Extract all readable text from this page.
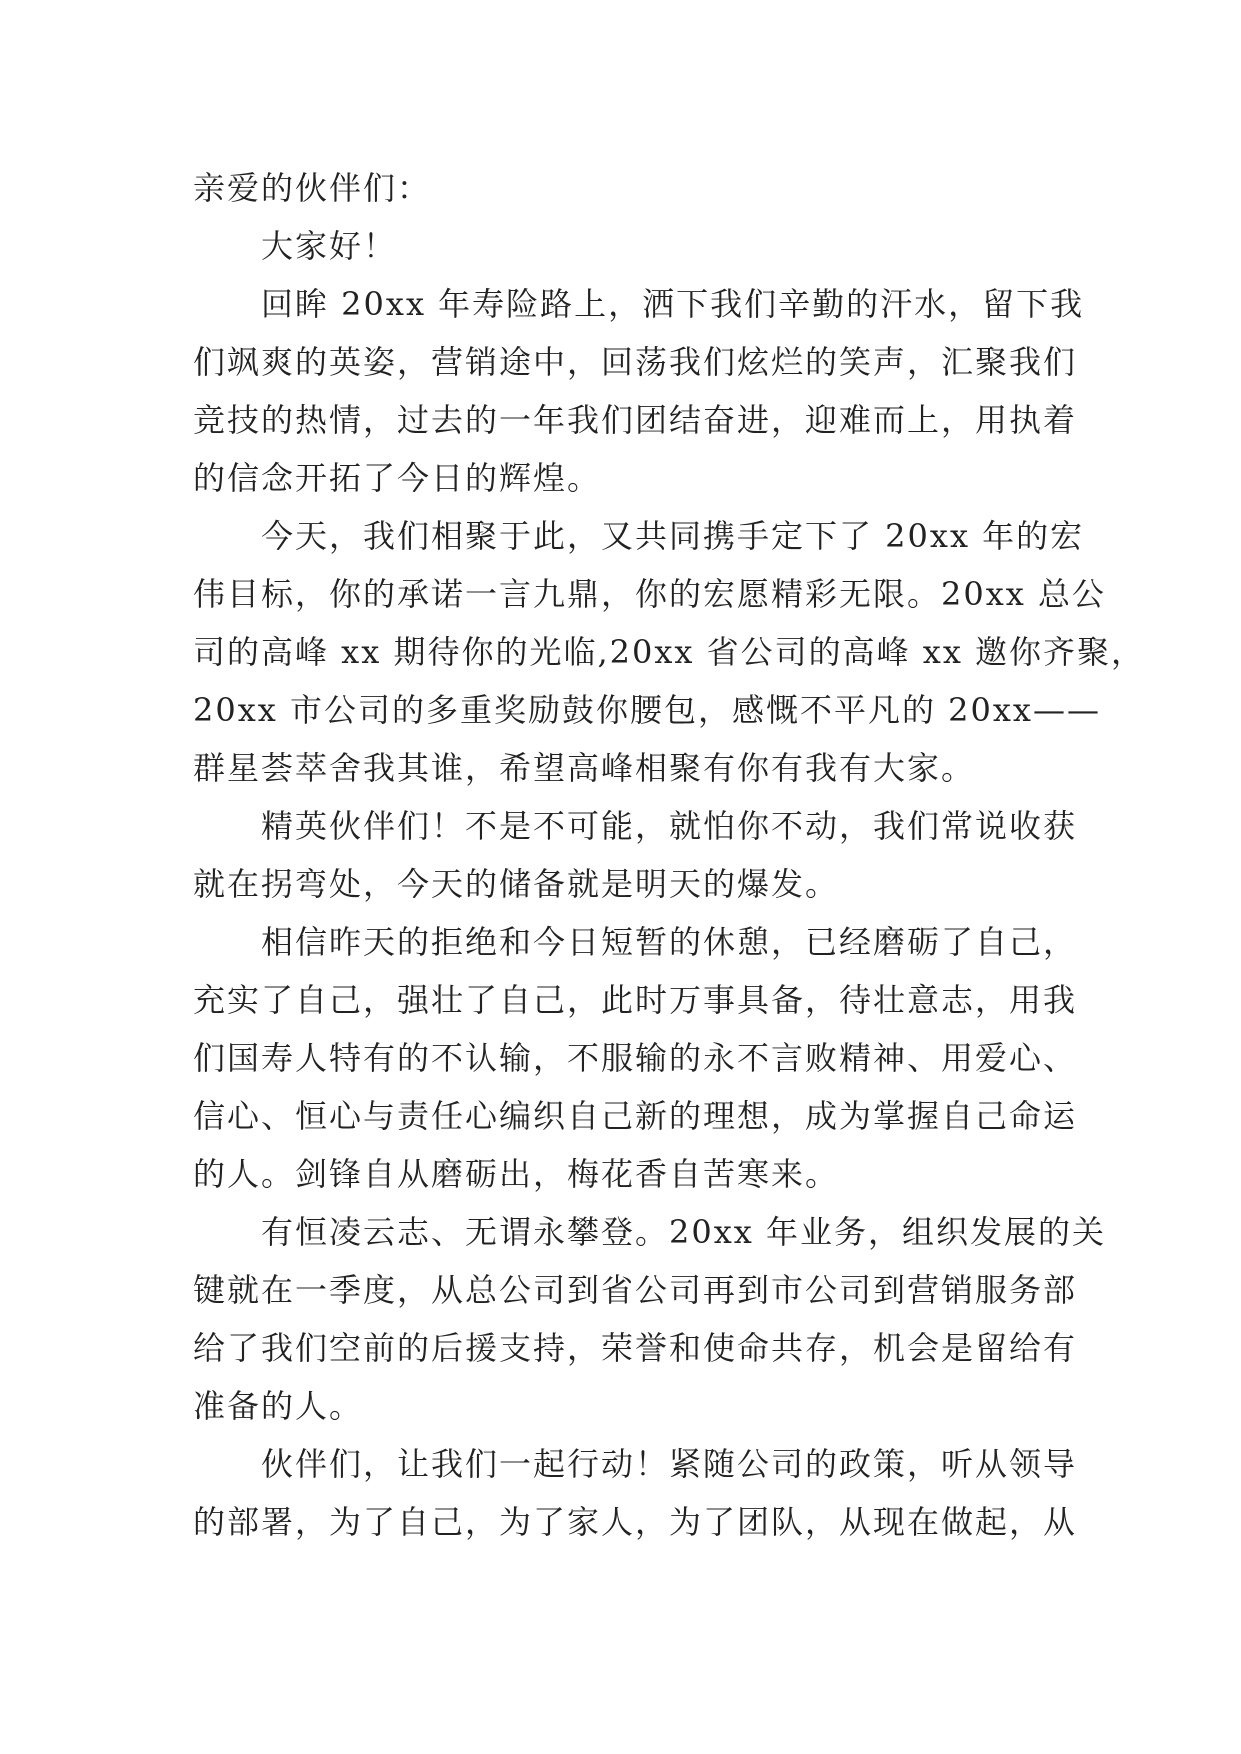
亲爱的伙伴们：
大家好！
回眸 20xx 年寿险路上，洒下我们辛勤的汗水，留下我
们飒爽的英姿，营销途中，回荡我们炫烂的笑声，汇聚我们
竞技的热情，过去的一年我们团结奋进，迎难而上，用执着
的信念开拓了今日的辉煌。
今天，我们相聚于此，又共同携手定下了 20xx 年的宏
伟目标，你的承诺一言九鼎，你的宏愿精彩无限。20xx 总公
司的高峰 xx 期待你的光临,20xx 省公司的高峰 xx 邀你齐聚，
20xx 市公司的多重奖励鼓你腰包，感慨不平凡的 20xx——
群星荟萃舍我其谁，希望高峰相聚有你有我有大家。
精英伙伴们！不是不可能，就怕你不动，我们常说收获
就在拐弯处，今天的储备就是明天的爆发。
相信昨天的拒绝和今日短暂的休憩，已经磨砺了自己，
充实了自己，强壮了自己，此时万事具备，待壮意志，用我
们国寿人特有的不认输，不服输的永不言败精神、用爱心、
信心、恒心与责任心编织自己新的理想，成为掌握自己命运
的人。剑锋自从磨砺出，梅花香自苦寒来。
有恒凌云志、无谓永攀登。20xx 年业务，组织发展的关
键就在一季度，从总公司到省公司再到市公司到营销服务部
给了我们空前的后援支持，荣誉和使命共存，机会是留给有
准备的人。
伙伴们，让我们一起行动！紧随公司的政策，听从领导
的部署，为了自己，为了家人，为了团队，从现在做起，从
